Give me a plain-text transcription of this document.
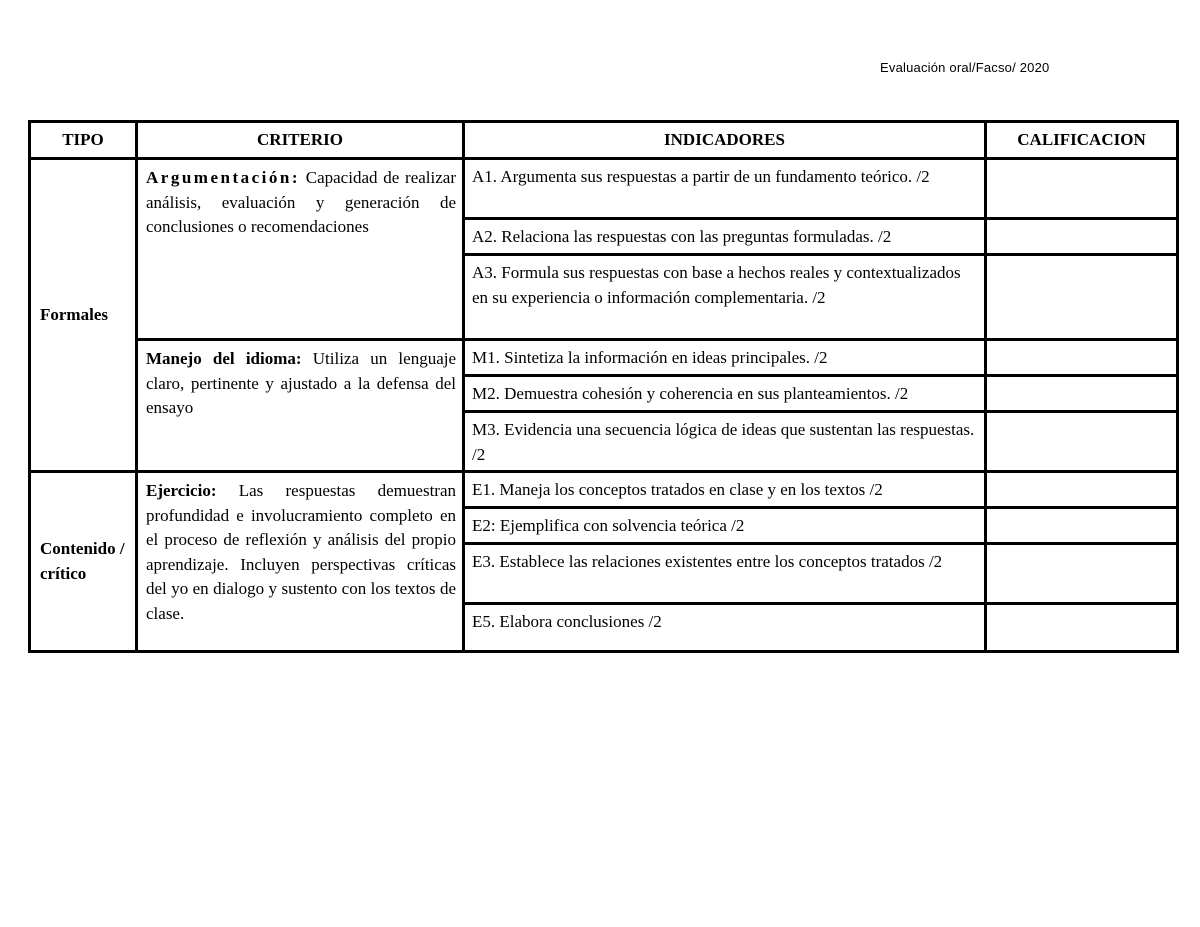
Evaluación oral/Facso/ 2020
TIPO	CRITERIO	INDICADORES	CALIFICACION
Formales	Argumentación: Capacidad de realizar análisis, evaluación y generación de conclusiones o recomendaciones	A1. Argumenta sus respuestas a partir de un fundamento teórico. /2	
		A2. Relaciona las respuestas con las preguntas formuladas. /2	
		A3. Formula sus respuestas con base a hechos reales y contextualizados en su experiencia o información complementaria. /2	
	Manejo del idioma: Utiliza un lenguaje claro, pertinente y ajustado a la defensa del ensayo	M1. Sintetiza la información en ideas principales. /2	
		M2. Demuestra cohesión y coherencia en sus planteamientos. /2	
		M3. Evidencia una secuencia lógica de ideas que sustentan las respuestas. /2	
Contenido / crítico	Ejercicio: Las respuestas demuestran profundidad e involucramiento completo en el proceso de reflexión y análisis del propio aprendizaje. Incluyen perspectivas críticas del yo en dialogo y sustento con los textos de clase.	E1. Maneja los conceptos tratados en clase y en los textos /2	
		E2: Ejemplifica con solvencia teórica /2	
		E3. Establece las relaciones existentes entre los conceptos tratados /2	
		E5. Elabora conclusiones /2	
